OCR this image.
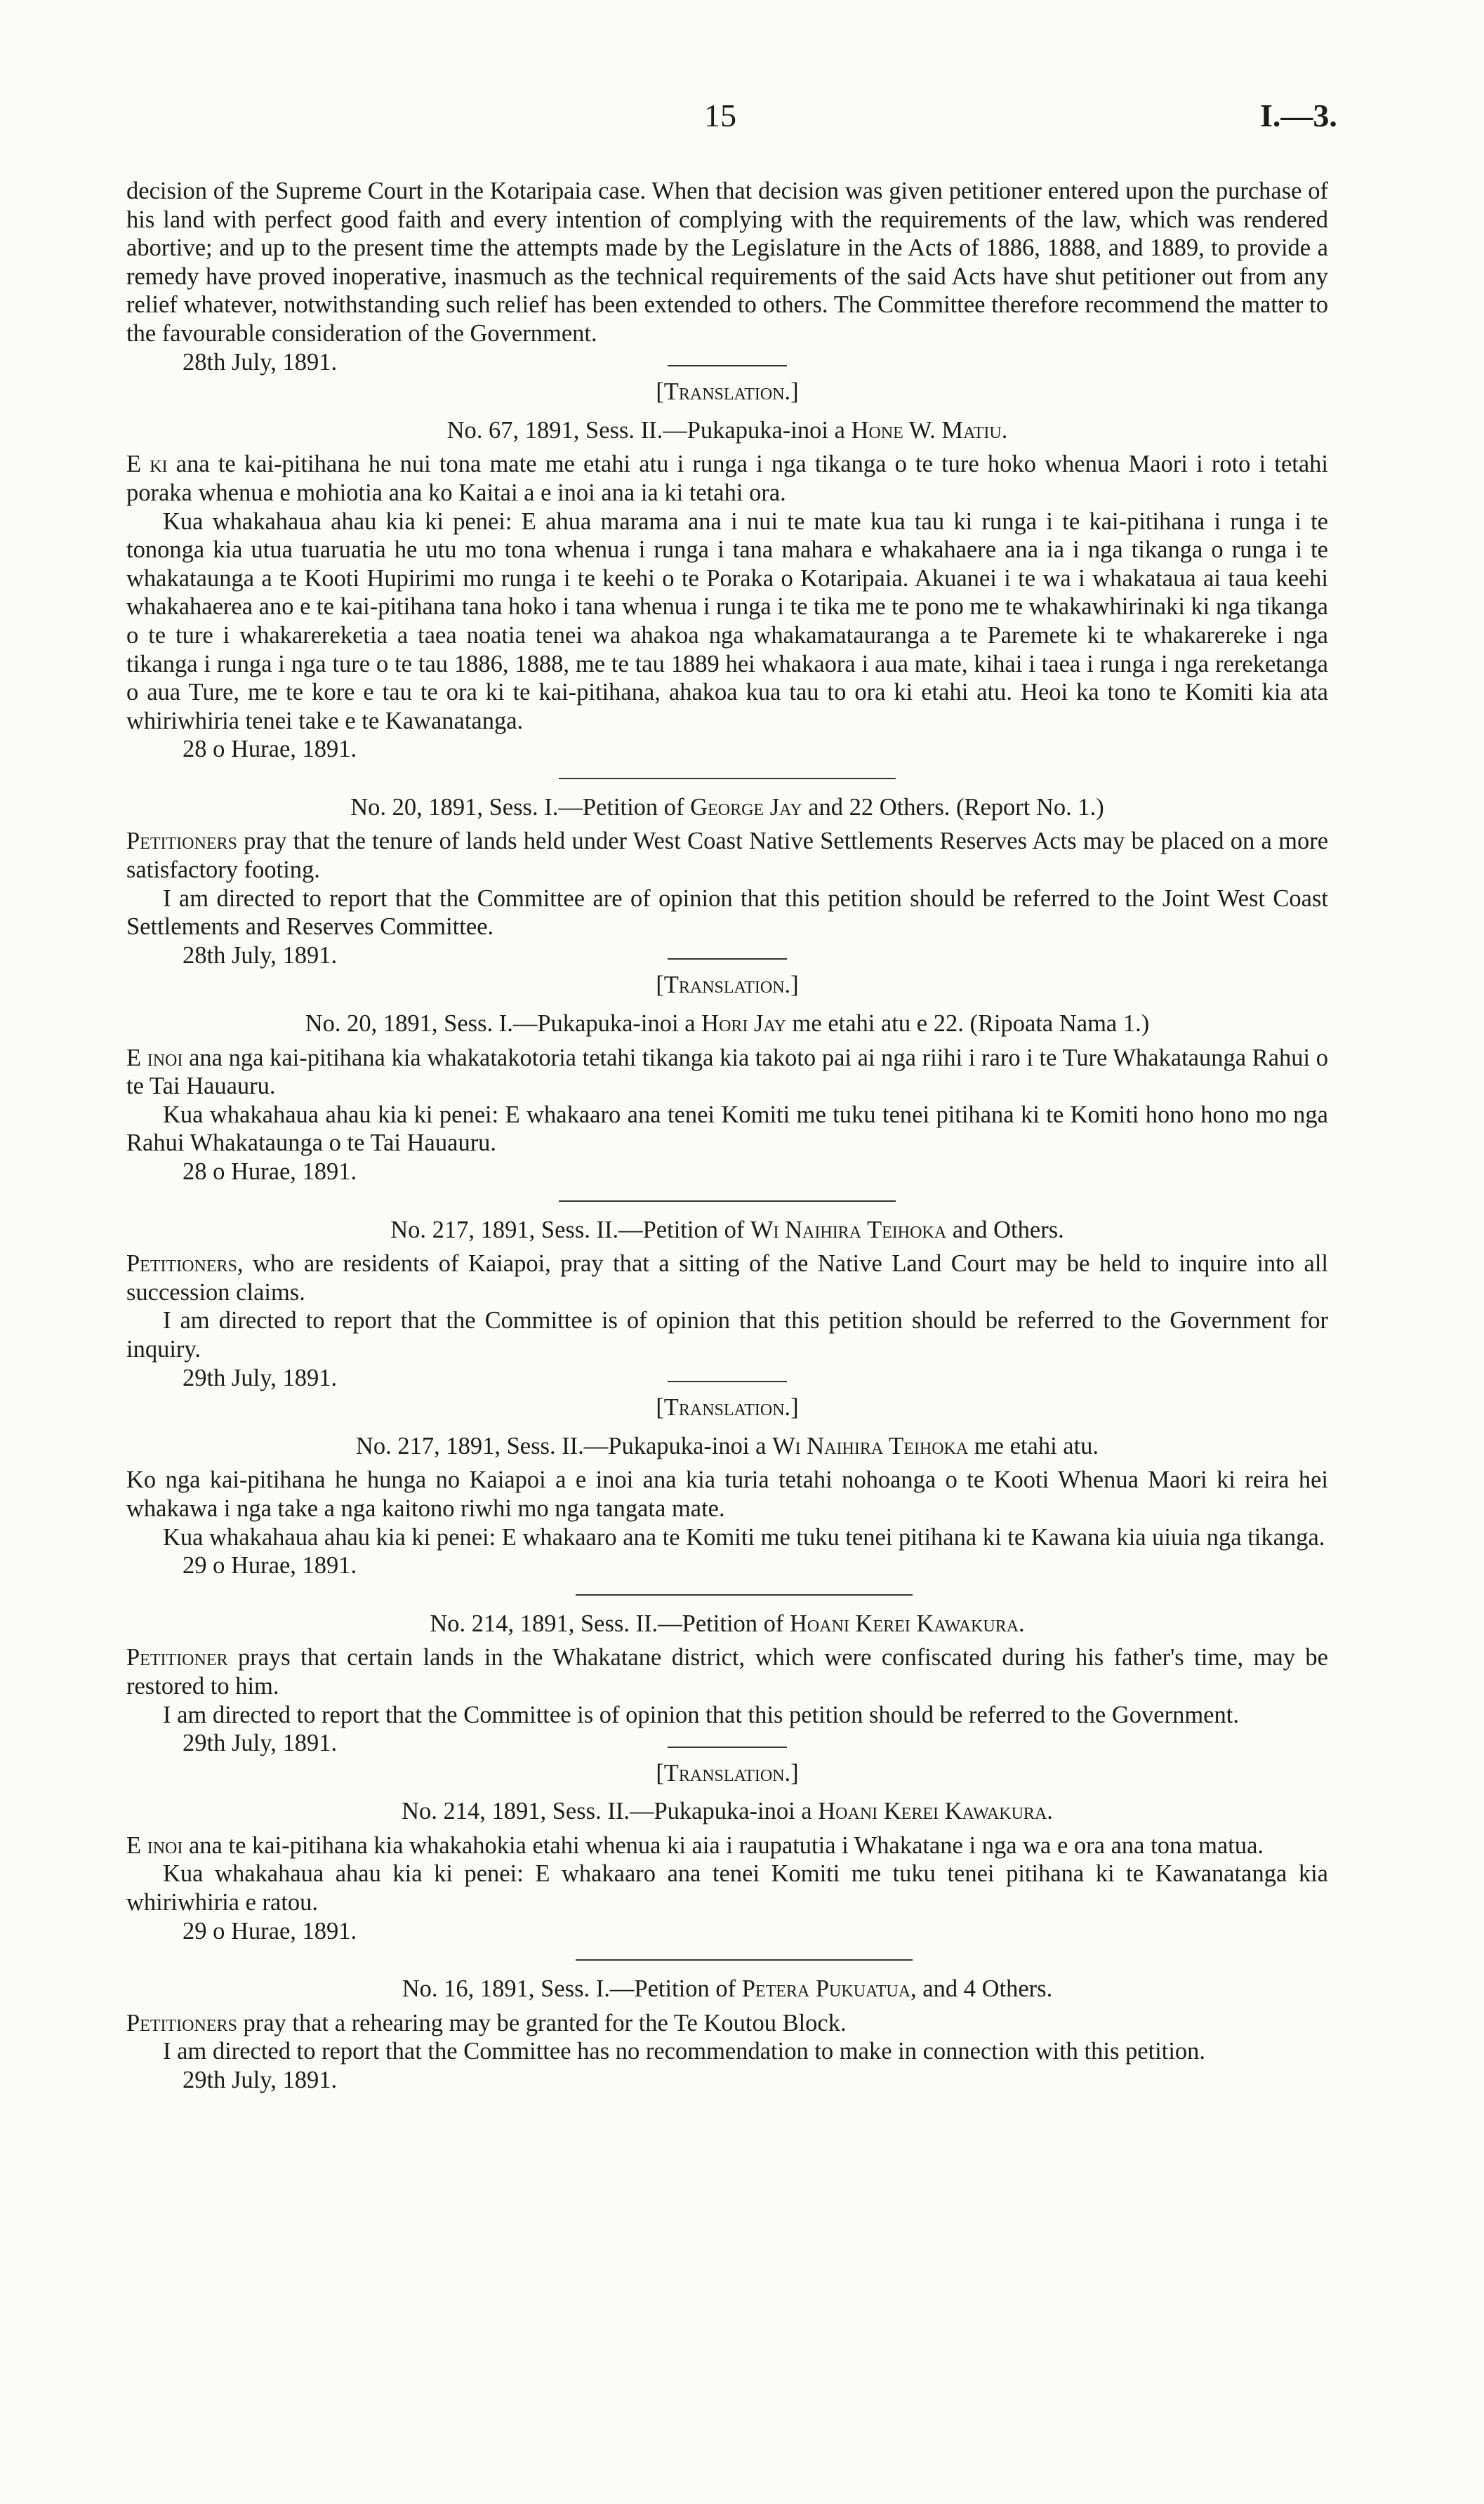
15	I.—3.

decision of the Supreme Court in the Kotaripaia case. When that decision was given petitioner entered upon the purchase of his land with perfect good faith and every intention of complying with the requirements of the law, which was rendered abortive; and up to the present time the attempts made by the Legislature in the Acts of 1886, 1888, and 1889, to provide a remedy have proved inoperative, inasmuch as the technical requirements of the said Acts have shut petitioner out from any relief whatever, notwithstanding such relief has been extended to others. The Committee therefore recommend the matter to the favourable consideration of the Government.

28th July, 1891.

[Translation.]

No. 67, 1891, Sess. II.—Pukapuka-inoi a Hone W. Matiu.

E ki ana te kai-pitihana he nui tona mate me etahi atu i runga i nga tikanga o te ture hoko whenua Maori i roto i tetahi poraka whenua e mohiotia ana ko Kaitai a e inoi ana ia ki tetahi ora.

Kua whakahaua ahau kia ki penei: E ahua marama ana i nui te mate kua tau ki runga i te kai-pitihana i runga i te tononga kia utua tuaruatia he utu mo tona whenua i runga i tana mahara e whakahaere ana ia i nga tikanga o runga i te whakataunga a te Kooti Hupirimi mo runga i te keehi o te Poraka o Kotaripaia. Akuanei i te wa i whakataua ai taua keehi whakahaerea ano e te kai-pitihana tana hoko i tana whenua i runga i te tika me te pono me te whakawhirinaki ki nga tikanga o te ture i whakarereketia a taea noatia tenei wa ahakoa nga whakamatauranga a te Paremete ki te whakarereke i nga tikanga i runga i nga ture o te tau 1886, 1888, me te tau 1889 hei whakaora i aua mate, kihai i taea i runga i nga rereketanga o aua Ture, me te kore e tau te ora ki te kai-pitihana, ahakoa kua tau to ora ki etahi atu. Heoi ka tono te Komiti kia ata whiriwhiria tenei take e te Kawanatanga.

28 o Hurae, 1891.

No. 20, 1891, Sess. I.—Petition of George Jay and 22 Others. (Report No. 1.)

Petitioners pray that the tenure of lands held under West Coast Native Settlements Reserves Acts may be placed on a more satisfactory footing.

I am directed to report that the Committee are of opinion that this petition should be referred to the Joint West Coast Settlements and Reserves Committee.

28th July, 1891.

[Translation.]

No. 20, 1891, Sess. I.—Pukapuka-inoi a Hori Jay me etahi atu e 22. (Ripoata Nama 1.)

E inoi ana nga kai-pitihana kia whakatakotoria tetahi tikanga kia takoto pai ai nga riihi i raro i te Ture Whakataunga Rahui o te Tai Hauauru.

Kua whakahaua ahau kia ki penei: E whakaaro ana tenei Komiti me tuku tenei pitihana ki te Komiti hono hono mo nga Rahui Whakataunga o te Tai Hauauru.

28 o Hurae, 1891.

No. 217, 1891, Sess. II.—Petition of Wi Naihira Teihoka and Others.

Petitioners, who are residents of Kaiapoi, pray that a sitting of the Native Land Court may be held to inquire into all succession claims.

I am directed to report that the Committee is of opinion that this petition should be referred to the Government for inquiry.

29th July, 1891.

[Translation.]

No. 217, 1891, Sess. II.—Pukapuka-inoi a Wi Naihira Teihoka me etahi atu.

Ko nga kai-pitihana he hunga no Kaiapoi a e inoi ana kia turia tetahi nohoanga o te Kooti Whenua Maori ki reira hei whakawa i nga take a nga kaitono riwhi mo nga tangata mate.

Kua whakahaua ahau kia ki penei: E whakaaro ana te Komiti me tuku tenei pitihana ki te Kawana kia uiuia nga tikanga.

29 o Hurae, 1891.

No. 214, 1891, Sess. II.—Petition of Hoani Kerei Kawakura.

Petitioner prays that certain lands in the Whakatane district, which were confiscated during his father's time, may be restored to him.

I am directed to report that the Committee is of opinion that this petition should be referred to the Government.

29th July, 1891.

[Translation.]

No. 214, 1891, Sess. II.—Pukapuka-inoi a Hoani Kerei Kawakura.

E inoi ana te kai-pitihana kia whakahokia etahi whenua ki aia i raupatutia i Whakatane i nga wa e ora ana tona matua.

Kua whakahaua ahau kia ki penei: E whakaaro ana tenei Komiti me tuku tenei pitihana ki te Kawanatanga kia whiriwhiria e ratou.

29 o Hurae, 1891.

No. 16, 1891, Sess. I.—Petition of Petera Pukuatua, and 4 Others.

Petitioners pray that a rehearing may be granted for the Te Koutou Block.

I am directed to report that the Committee has no recommendation to make in connection with this petition.

29th July, 1891.
